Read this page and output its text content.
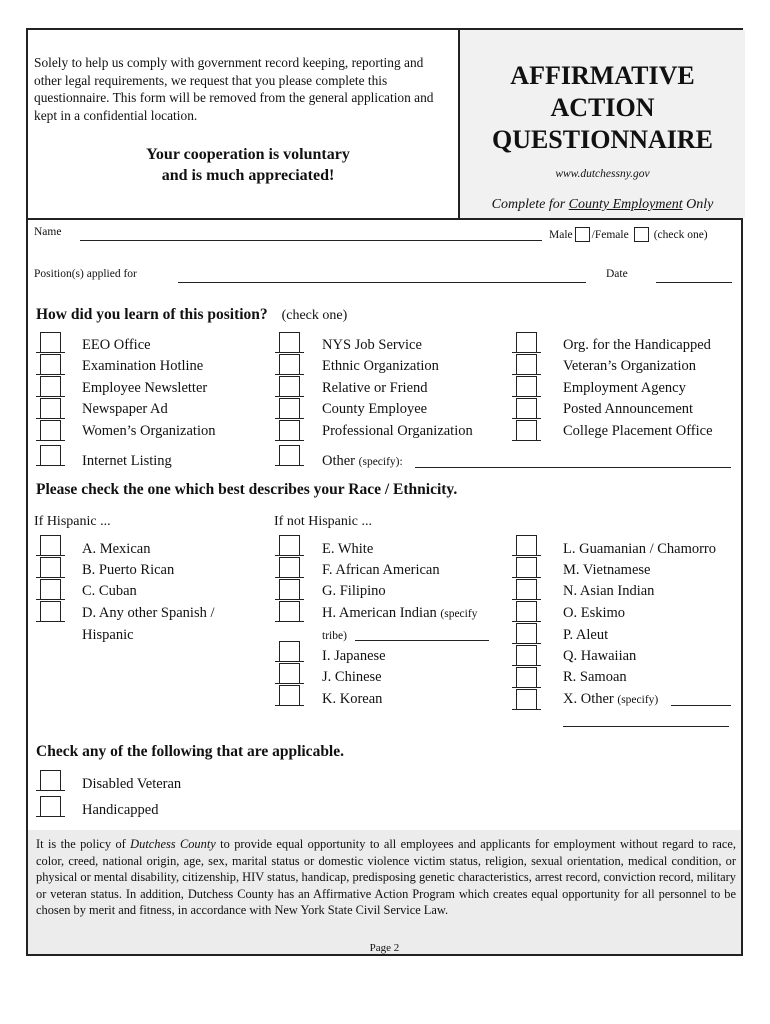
Solely to help us comply with government record keeping, reporting and other legal requirements, we request that you please complete this questionnaire. This form will be removed from the general application and kept in a confidential location.
Your cooperation is voluntary
and is much appreciated!
AFFIRMATIVE
ACTION
QUESTIONNAIRE
www.dutchessny.gov
Complete for County Employment Only
Name	Male /Female (check one)
Position(s) applied for	Date
How did you learn of this position? (check one)
EEO Office
Examination Hotline
Employee Newsletter
Newspaper Ad
Women’s Organization
Internet Listing
NYS Job Service
Ethnic Organization
Relative or Friend
County Employee
Professional Organization
Other (specify):
Org. for the Handicapped
Veteran’s Organization
Employment Agency
Posted Announcement
College Placement Office
Please check the one which best describes your Race / Ethnicity.
If Hispanic ...	If not Hispanic ...
A. Mexican
B. Puerto Rican
C. Cuban
D. Any other Spanish /
Hispanic
E. White
F. African American
G. Filipino
H. American Indian (specify
tribe)
I. Japanese
J. Chinese
K. Korean
L. Guamanian / Chamorro
M. Vietnamese
N. Asian Indian
O. Eskimo
P. Aleut
Q. Hawaiian
R. Samoan
X. Other (specify)
Check any of the following that are applicable.
Disabled Veteran
Handicapped
It is the policy of Dutchess County to provide equal opportunity to all employees and applicants for employment without regard to race, color, creed, national origin, age, sex, marital status or domestic violence victim status, religion, sexual orientation, medical condition, or physical or mental disability, citizenship, HIV status, handicap, predisposing genetic characteristics, arrest record, conviction record, military or veteran status. In addition, Dutchess County has an Affirmative Action Program which creates equal opportunity for all personnel to be chosen by merit and fitness, in accordance with New York State Civil Service Law.
Page 2
